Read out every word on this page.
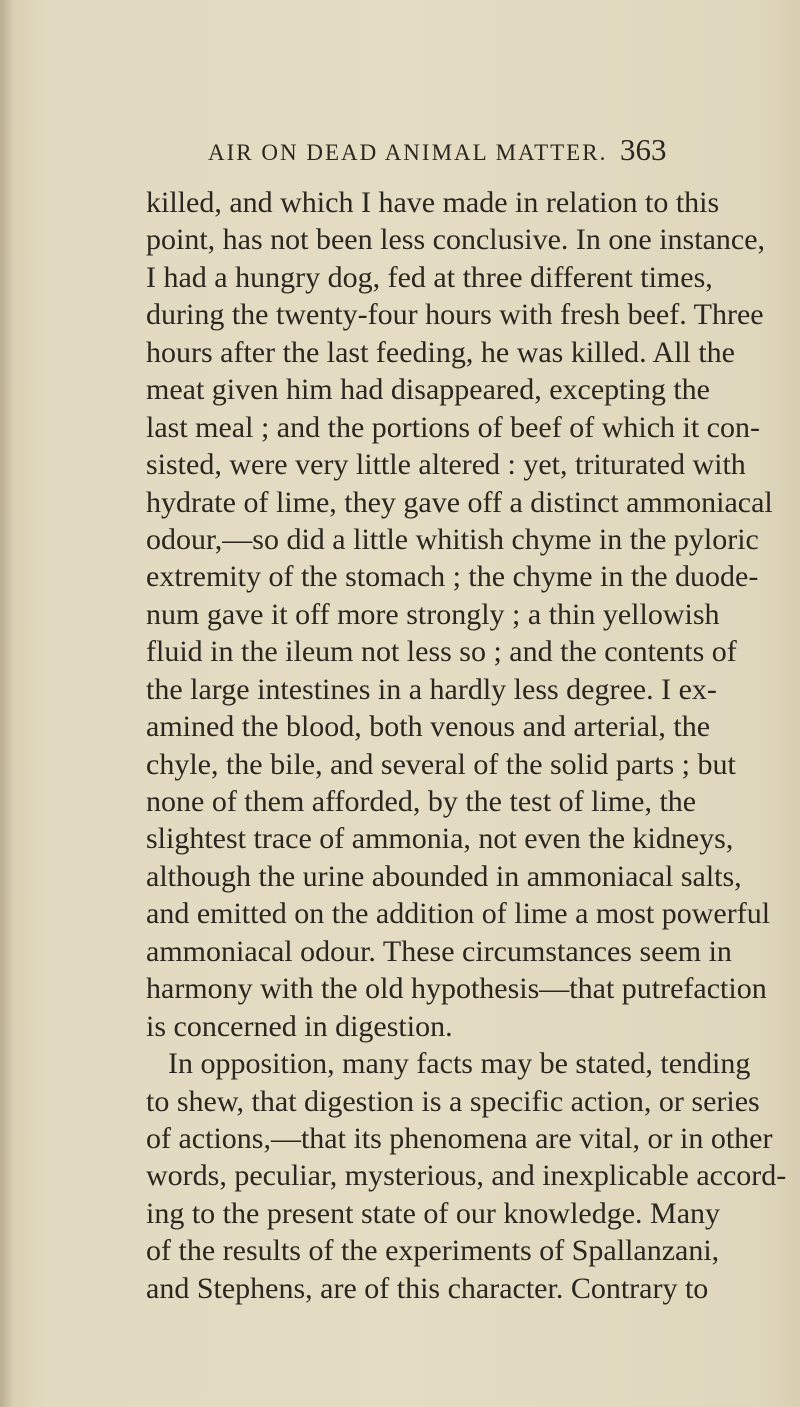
AIR ON DEAD ANIMAL MATTER. 363
killed, and which I have made in relation to this
point, has not been less conclusive. In one instance,
I had a hungry dog, fed at three different times,
during the twenty-four hours with fresh beef. Three
hours after the last feeding, he was killed. All the
meat given him had disappeared, excepting the
last meal ; and the portions of beef of which it con-
sisted, were very little altered : yet, triturated with
hydrate of lime, they gave off a distinct ammoniacal
odour,—so did a little whitish chyme in the pyloric
extremity of the stomach ; the chyme in the duode-
num gave it off more strongly ; a thin yellowish
fluid in the ileum not less so ; and the contents of
the large intestines in a hardly less degree. I ex-
amined the blood, both venous and arterial, the
chyle, the bile, and several of the solid parts ; but
none of them afforded, by the test of lime, the
slightest trace of ammonia, not even the kidneys,
although the urine abounded in ammoniacal salts,
and emitted on the addition of lime a most powerful
ammoniacal odour. These circumstances seem in
harmony with the old hypothesis—that putrefaction
is concerned in digestion.
In opposition, many facts may be stated, tending
to shew, that digestion is a specific action, or series
of actions,—that its phenomena are vital, or in other
words, peculiar, mysterious, and inexplicable accord-
ing to the present state of our knowledge. Many
of the results of the experiments of Spallanzani,
and Stephens, are of this character. Contrary to
